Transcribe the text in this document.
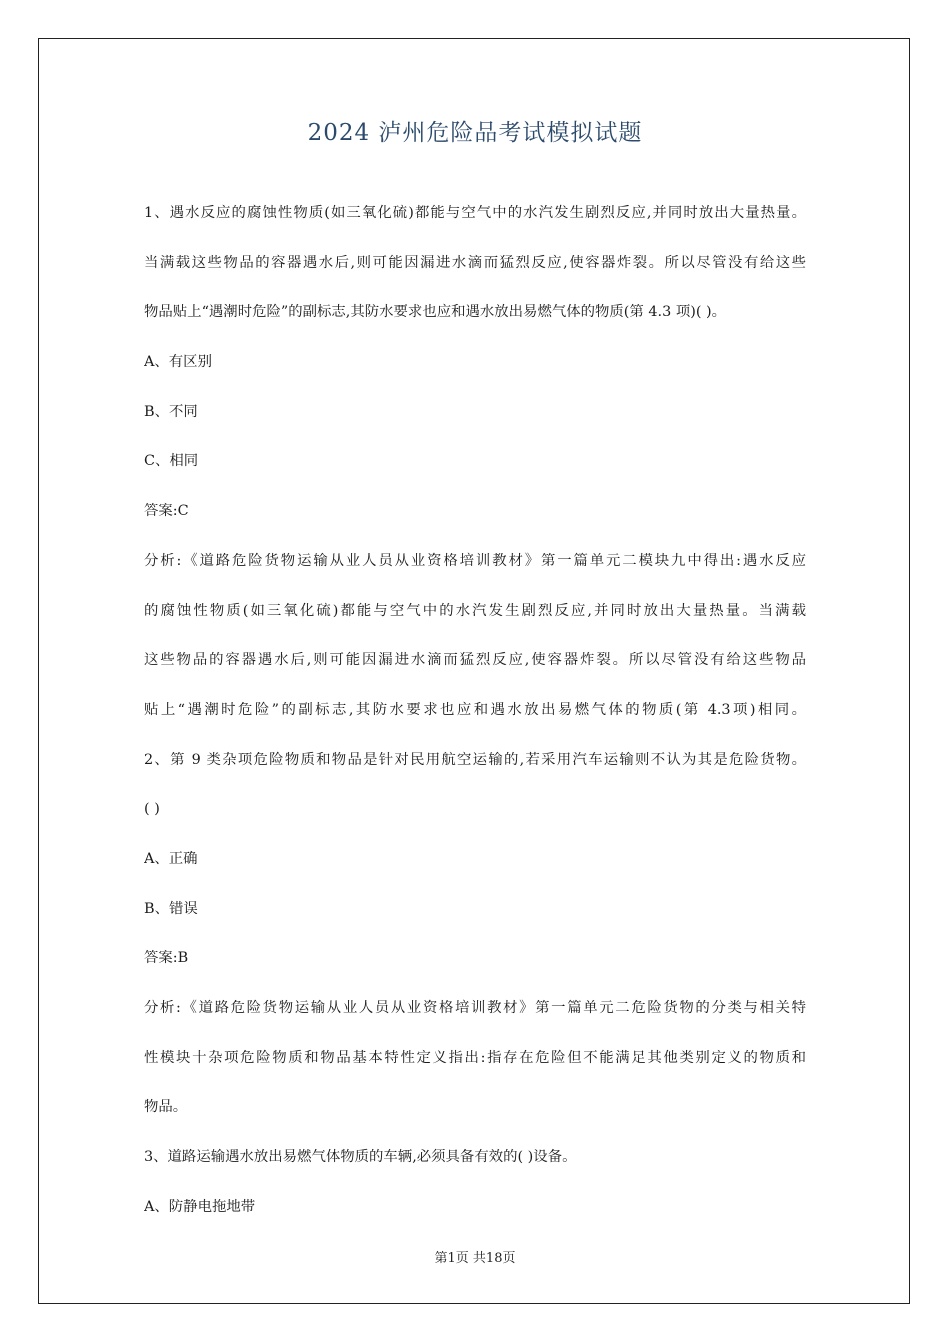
2024 泸州危险品考试模拟试题
1、遇水反应的腐蚀性物质(如三氧化硫)都能与空气中的水汽发生剧烈反应,并同时放出大量热量。
当满载这些物品的容器遇水后,则可能因漏进水滴而猛烈反应,使容器炸裂。所以尽管没有给这些
物品贴上“遇潮时危险”的副标志,其防水要求也应和遇水放出易燃气体的物质(第 4.3 项)( )。
A、有区别
B、不同
C、相同
答案:C
分析:《道路危险货物运输从业人员从业资格培训教材》第一篇单元二模块九中得出:遇水反应
的腐蚀性物质(如三氧化硫)都能与空气中的水汽发生剧烈反应,并同时放出大量热量。当满载
这些物品的容器遇水后,则可能因漏进水滴而猛烈反应,使容器炸裂。所以尽管没有给这些物品
贴上“遇潮时危险”的副标志,其防水要求也应和遇水放出易燃气体的物质(第 4.3项)相同。
2、第 9 类杂项危险物质和物品是针对民用航空运输的,若采用汽车运输则不认为其是危险货物。
( )
A、正确
B、错误
答案:B
分析:《道路危险货物运输从业人员从业资格培训教材》第一篇单元二危险货物的分类与相关特
性模块十杂项危险物质和物品基本特性定义指出:指存在危险但不能满足其他类别定义的物质和
物品。
3、道路运输遇水放出易燃气体物质的车辆,必须具备有效的( )设备。
A、防静电拖地带
第1页 共18页
